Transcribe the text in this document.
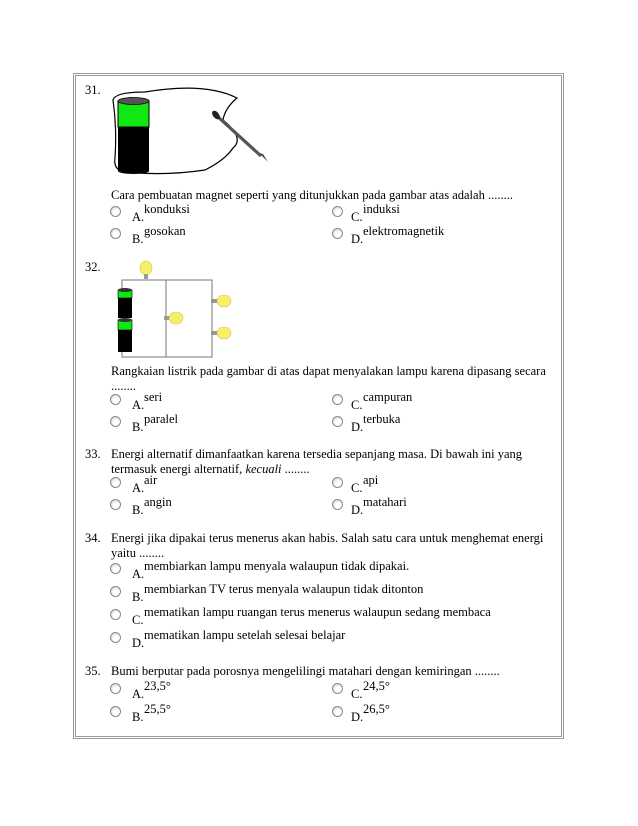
31.
Cara pembuatan magnet seperti yang ditunjukkan pada gambar atas adalah ........
A.
konduksi
C.
induksi
B.
gosokan
D.
elektromagnetik
32.
Rangkaian listrik pada gambar di atas dapat menyalakan lampu karena dipasang secara
........
A.
seri
C.
campuran
B.
paralel
D.
terbuka
33. Energi alternatif dimanfaatkan karena tersedia sepanjang masa. Di bawah ini yang
termasuk energi alternatif, kecuali ........
A.
air
C.
api
B.
angin
D.
matahari
34. Energi jika dipakai terus menerus akan habis. Salah satu cara untuk menghemat energi
yaitu ........
A.
membiarkan lampu menyala walaupun tidak dipakai.
B.
membiarkan TV terus menyala walaupun tidak ditonton
C.
mematikan lampu ruangan terus menerus walaupun sedang membaca
D.
mematikan lampu setelah selesai belajar
35. Bumi berputar pada porosnya mengelilingi matahari dengan kemiringan ........
A.
23,5°
C.
24,5°
B.
25,5°
D.
26,5°
